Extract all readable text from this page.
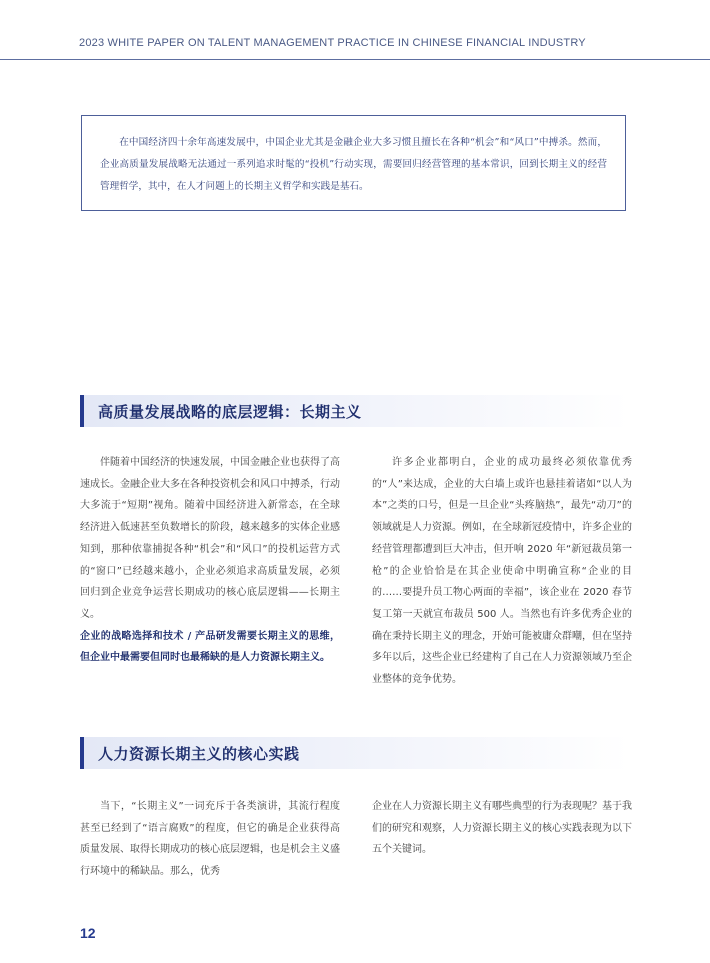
2023 WHITE PAPER ON TALENT MANAGEMENT PRACTICE IN CHINESE FINANCIAL INDUSTRY

在中国经济四十余年高速发展中，中国企业尤其是金融企业大多习惯且擅长在各种“机会”和“风口”中搏杀。然而，企业高质量发展战略无法通过一系列追求时髦的“投机”行动实现，需要回归经营管理的基本常识，回到长期主义的经营管理哲学，其中，在人才问题上的长期主义哲学和实践是基石。

高质量发展战略的底层逻辑：长期主义

伴随着中国经济的快速发展，中国金融企业也获得了高速成长。金融企业大多在各种投资机会和风口中搏杀，行动大多流于“短期”视角。随着中国经济进入新常态，在全球经济进入低速甚至负数增长的阶段，越来越多的实体企业感知到，那种依靠捕捉各种“机会”和“风口”的投机运营方式的“窗口”已经越来越小，企业必须追求高质量发展，必须回归到企业竞争运营长期成功的核心底层逻辑——长期主义。

企业的战略选择和技术 / 产品研发需要长期主义的思维，但企业中最需要但同时也最稀缺的是人力资源长期主义。

许多企业都明白，企业的成功最终必须依靠优秀的“人”来达成，企业的大白墙上或许也悬挂着诸如“以人为本”之类的口号，但是一旦企业“头疼脑热”，最先“动刀”的领域就是人力资源。例如，在全球新冠疫情中，许多企业的经营管理都遭到巨大冲击，但开响 2020 年“新冠裁员第一枪”的企业恰恰是在其企业使命中明确宣称“企业的目的……要提升员工物心两面的幸福”，该企业在 2020 春节复工第一天就宣布裁员 500 人。当然也有许多优秀企业的确在秉持长期主义的理念，开始可能被庸众群嘲，但在坚持多年以后，这些企业已经建构了自己在人力资源领域乃至企业整体的竞争优势。

人力资源长期主义的核心实践

当下，“长期主义”一词充斥于各类演讲，其流行程度甚至已经到了“语言腐败”的程度，但它的确是企业获得高质量发展、取得长期成功的核心底层逻辑，也是机会主义盛行环境中的稀缺品。那么，优秀

企业在人力资源长期主义有哪些典型的行为表现呢？基于我们的研究和观察，人力资源长期主义的核心实践表现为以下五个关键词。

12
